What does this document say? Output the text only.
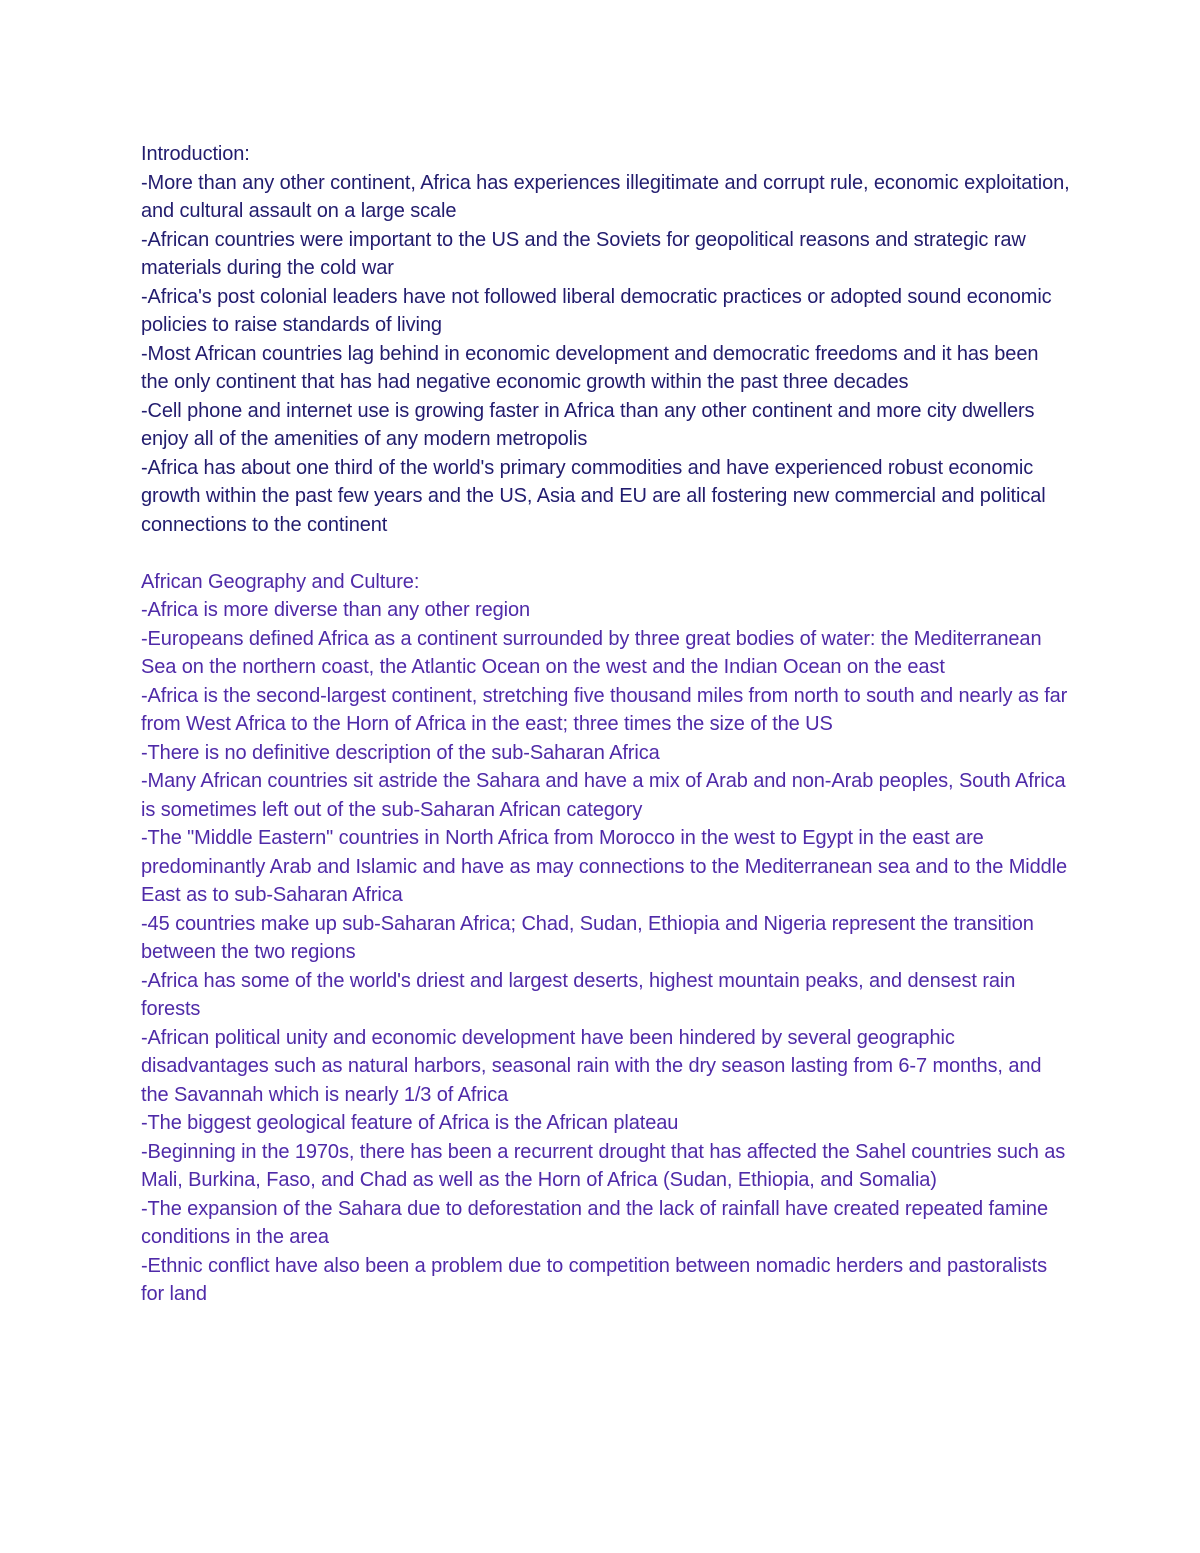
Introduction:

-More than any other continent, Africa has experiences illegitimate and corrupt rule, economic exploitation, and cultural assault on a large scale

-African countries were important to the US and the Soviets for geopolitical reasons and strategic raw materials during the cold war

-Africa's post colonial leaders have not followed liberal democratic practices or adopted sound economic policies to raise standards of living

-Most African countries lag behind in economic development and democratic freedoms and it has been the only continent that has had negative economic growth within the past three decades

-Cell phone and internet use is growing faster in Africa than any other continent and more city dwellers enjoy all of the amenities of any modern metropolis

-Africa has about one third of the world's primary commodities and have experienced robust economic growth within the past few years and the US, Asia and EU are all fostering new commercial and political connections to the continent

African Geography and Culture:

-Africa is more diverse than any other region

-Europeans defined Africa as a continent surrounded by three great bodies of water: the Mediterranean Sea on the northern coast, the Atlantic Ocean on the west and the Indian Ocean on the east

-Africa is the second-largest continent, stretching five thousand miles from north to south and nearly as far from West Africa to the Horn of Africa in the east; three times the size of the US

-There is no definitive description of the sub-Saharan Africa

-Many African countries sit astride the Sahara and have a mix of Arab and non-Arab peoples, South Africa is sometimes left out of the sub-Saharan African category

-The "Middle Eastern" countries in North Africa from Morocco in the west to Egypt in the east are predominantly Arab and Islamic and have as may connections to the Mediterranean sea and to the Middle East as to sub-Saharan Africa

-45 countries make up sub-Saharan Africa; Chad, Sudan, Ethiopia and Nigeria represent the transition between the two regions

-Africa has some of the world's driest and largest deserts, highest mountain peaks, and densest rain forests

-African political unity and economic development have been hindered by several geographic disadvantages such as natural harbors, seasonal rain with the dry season lasting from 6-7 months, and the Savannah which is nearly 1/3 of Africa

-The biggest geological feature of Africa is the African plateau

-Beginning in the 1970s, there has been a recurrent drought that has affected the Sahel countries such as Mali, Burkina, Faso, and Chad as well as the Horn of Africa (Sudan, Ethiopia, and Somalia)

-The expansion of the Sahara due to deforestation and the lack of rainfall have created repeated famine conditions in the area

-Ethnic conflict have also been a problem due to competition between nomadic herders and pastoralists for land
